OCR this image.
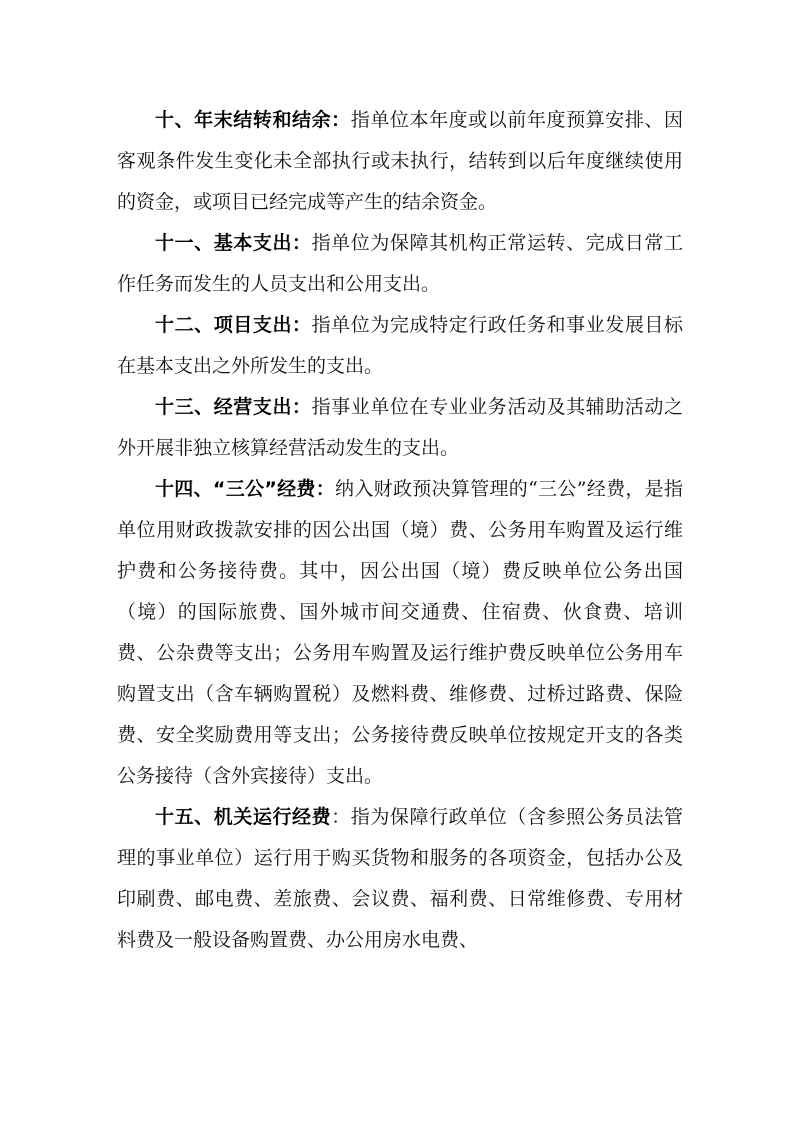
十、年末结转和结余：指单位本年度或以前年度预算安排、因客观条件发生变化未全部执行或未执行，结转到以后年度继续使用的资金，或项目已经完成等产生的结余资金。

十一、基本支出：指单位为保障其机构正常运转、完成日常工作任务而发生的人员支出和公用支出。

十二、项目支出：指单位为完成特定行政任务和事业发展目标在基本支出之外所发生的支出。

十三、经营支出：指事业单位在专业业务活动及其辅助活动之外开展非独立核算经营活动发生的支出。

十四、“三公”经费：纳入财政预决算管理的“三公”经费，是指单位用财政拨款安排的因公出国（境）费、公务用车购置及运行维护费和公务接待费。其中，因公出国（境）费反映单位公务出国（境）的国际旅费、国外城市间交通费、住宿费、伙食费、培训费、公杂费等支出；公务用车购置及运行维护费反映单位公务用车购置支出（含车辆购置税）及燃料费、维修费、过桥过路费、保险费、安全奖励费用等支出；公务接待费反映单位按规定开支的各类公务接待（含外宾接待）支出。

十五、机关运行经费：指为保障行政单位（含参照公务员法管理的事业单位）运行用于购买货物和服务的各项资金，包括办公及印刷费、邮电费、差旅费、会议费、福利费、日常维修费、专用材料费及一般设备购置费、办公用房水电费、
